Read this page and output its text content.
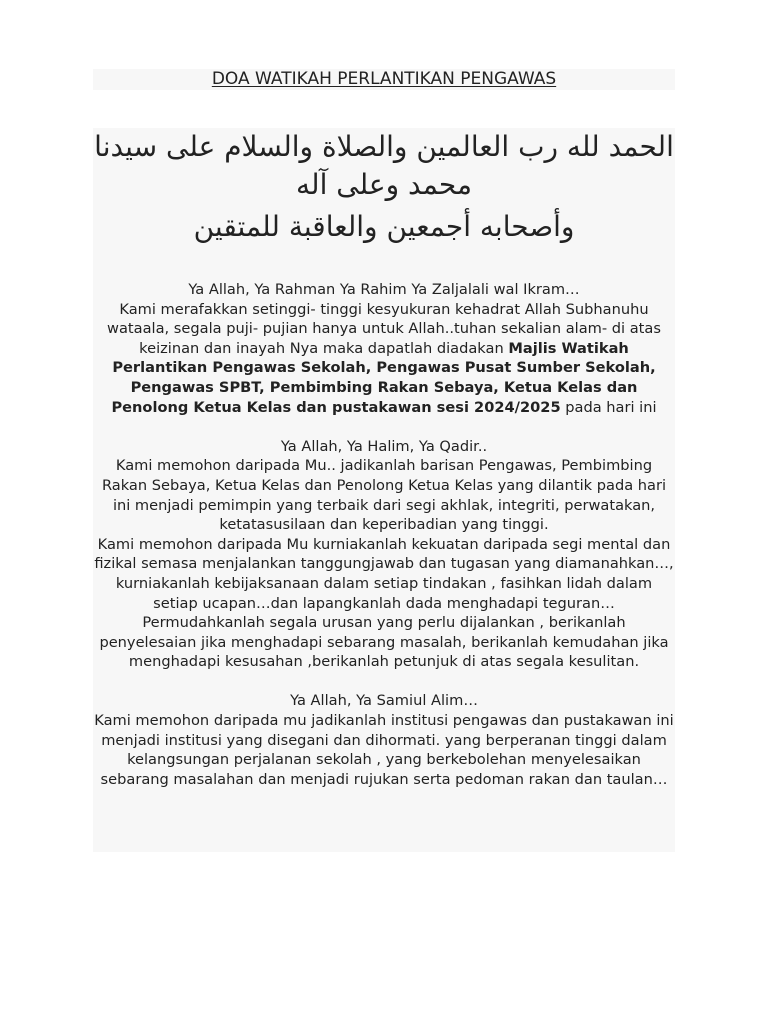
DOA WATIKAH PERLANTIKAN PENGAWAS

الحمد لله رب العالمين والصلاة والسلام على سيدنا محمد وعلى آله

وأصحابه أجمعين والعاقبة للمتقين

Ya Allah, Ya Rahman Ya Rahim Ya Zaljalali wal Ikram…

Kami merafakkan setinggi- tinggi kesyukuran kehadrat Allah Subhanuhu wataala, segala puji- pujian hanya untuk Allah..tuhan sekalian alam- di atas keizinan dan inayah Nya maka dapatlah diadakan Majlis Watikah Perlantikan Pengawas Sekolah, Pengawas Pusat Sumber Sekolah, Pengawas SPBT, Pembimbing Rakan Sebaya, Ketua Kelas dan Penolong Ketua Kelas dan pustakawan sesi 2024/2025 pada hari ini

Ya Allah, Ya Halim, Ya Qadir..

Kami memohon daripada Mu.. jadikanlah barisan Pengawas, Pembimbing Rakan Sebaya, Ketua Kelas dan Penolong Ketua Kelas yang dilantik pada hari ini menjadi pemimpin yang terbaik dari segi akhlak, integriti, perwatakan, ketatasusilaan dan keperibadian yang tinggi.

Kami memohon daripada Mu kurniakanlah kekuatan daripada segi mental dan fizikal semasa menjalankan tanggungjawab dan tugasan yang diamanahkan…, kurniakanlah kebijaksanaan dalam setiap tindakan , fasihkan lidah dalam setiap ucapan…dan lapangkanlah dada menghadapi teguran…

Permudahkanlah segala urusan yang perlu dijalankan , berikanlah penyelesaian jika menghadapi sebarang masalah, berikanlah kemudahan jika menghadapi kesusahan ,berikanlah petunjuk di atas segala kesulitan.

Ya Allah, Ya Samiul Alim…

Kami memohon daripada mu jadikanlah institusi pengawas dan pustakawan ini menjadi institusi yang disegani dan dihormati. yang berperanan tinggi dalam kelangsungan perjalanan sekolah , yang berkebolehan menyelesaikan sebarang masalahan dan menjadi rujukan serta pedoman rakan dan taulan…
